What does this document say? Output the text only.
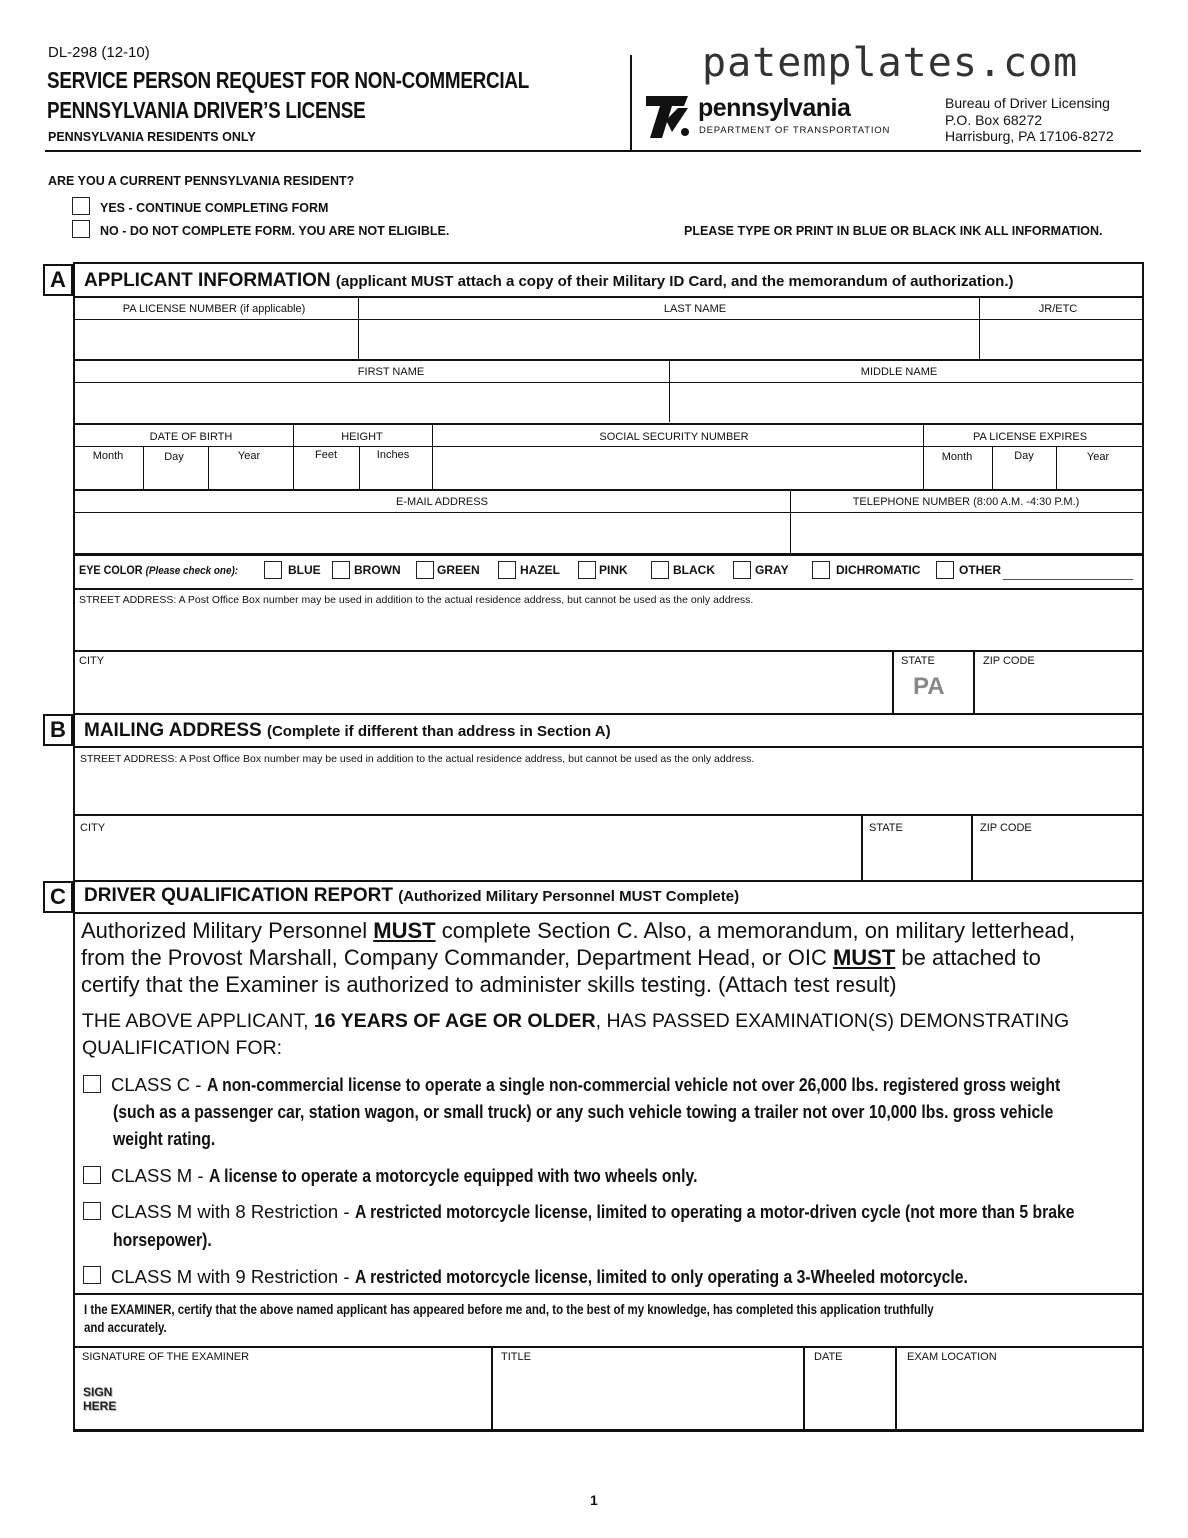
DL-298 (12-10)
SERVICE PERSON REQUEST FOR NON-COMMERCIAL
PENNSYLVANIA DRIVER’S LICENSE
PENNSYLVANIA RESIDENTS ONLY
patemplates.com
pennsylvania
DEPARTMENT OF TRANSPORTATION
Bureau of Driver Licensing
P.O. Box 68272
Harrisburg, PA 17106-8272
ARE YOU A CURRENT PENNSYLVANIA RESIDENT?
YES - CONTINUE COMPLETING FORM
NO - DO NOT COMPLETE FORM. YOU ARE NOT ELIGIBLE.	PLEASE TYPE OR PRINT IN BLUE OR BLACK INK ALL INFORMATION.
A APPLICANT INFORMATION (applicant MUST attach a copy of their Military ID Card, and the memorandum of authorization.)
PA LICENSE NUMBER (if applicable)	LAST NAME	JR/ETC
FIRST NAME	MIDDLE NAME
DATE OF BIRTH	HEIGHT	SOCIAL SECURITY NUMBER	PA LICENSE EXPIRES
Month	Day	Year	Feet	Inches	Month	Day	Year
E-MAIL ADDRESS	TELEPHONE NUMBER (8:00 A.M. -4:30 P.M.)
EYE COLOR (Please check one):	BLUE	BROWN	GREEN	HAZEL	PINK	BLACK	GRAY	DICHROMATIC	OTHER
STREET ADDRESS: A Post Office Box number may be used in addition to the actual residence address, but cannot be used as the only address.
CITY	STATE	ZIP CODE
PA
B MAILING ADDRESS (Complete if different than address in Section A)
STREET ADDRESS: A Post Office Box number may be used in addition to the actual residence address, but cannot be used as the only address.
CITY	STATE	ZIP CODE
C DRIVER QUALIFICATION REPORT (Authorized Military Personnel MUST Complete)
Authorized Military Personnel MUST complete Section C. Also, a memorandum, on military letterhead,
from the Provost Marshall, Company Commander, Department Head, or OIC MUST be attached to
certify that the Examiner is authorized to administer skills testing. (Attach test result)
THE ABOVE APPLICANT, 16 YEARS OF AGE OR OLDER, HAS PASSED EXAMINATION(S) DEMONSTRATING
QUALIFICATION FOR:
CLASS C - A non-commercial license to operate a single non-commercial vehicle not over 26,000 lbs. registered gross weight
(such as a passenger car, station wagon, or small truck) or any such vehicle towing a trailer not over 10,000 lbs. gross vehicle
weight rating.
CLASS M - A license to operate a motorcycle equipped with two wheels only.
CLASS M with 8 Restriction - A restricted motorcycle license, limited to operating a motor-driven cycle (not more than 5 brake
horsepower).
CLASS M with 9 Restriction - A restricted motorcycle license, limited to only operating a 3-Wheeled motorcycle.
I the EXAMINER, certify that the above named applicant has appeared before me and, to the best of my knowledge, has completed this application truthfully
and accurately.
SIGNATURE OF THE EXAMINER	TITLE	DATE	EXAM LOCATION
SIGN
HERE
1
